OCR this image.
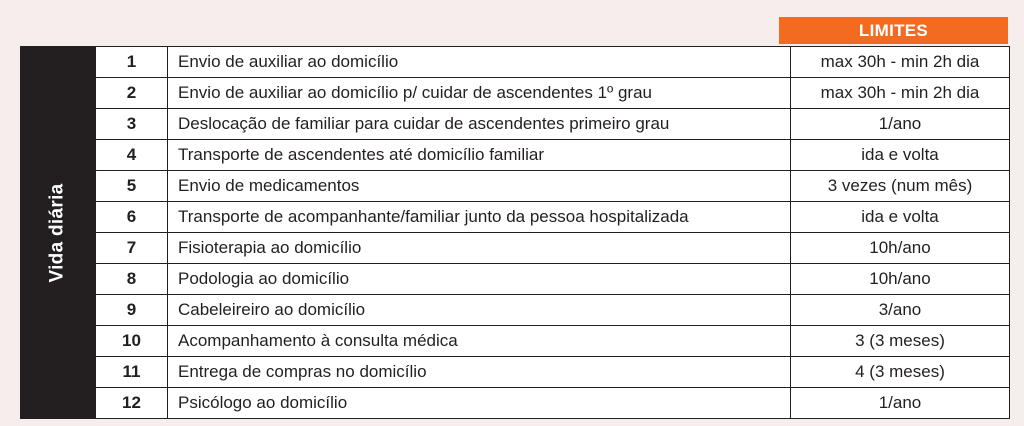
LIMITES
Vida diária
1	Envio de auxiliar ao domicílio	max 30h - min 2h dia
2	Envio de auxiliar ao domicílio p/ cuidar de ascendentes 1º grau	max 30h - min 2h dia
3	Deslocação de familiar para cuidar de ascendentes primeiro grau	1/ano
4	Transporte de ascendentes até domicílio familiar	ida e volta
5	Envio de medicamentos	3 vezes (num mês)
6	Transporte de acompanhante/familiar junto da pessoa hospitalizada	ida e volta
7	Fisioterapia ao domicílio	10h/ano
8	Podologia ao domicílio	10h/ano
9	Cabeleireiro ao domicílio	3/ano
10	Acompanhamento à consulta médica	3 (3 meses)
11	Entrega de compras no domicílio	4 (3 meses)
12	Psicólogo ao domicílio	1/ano
